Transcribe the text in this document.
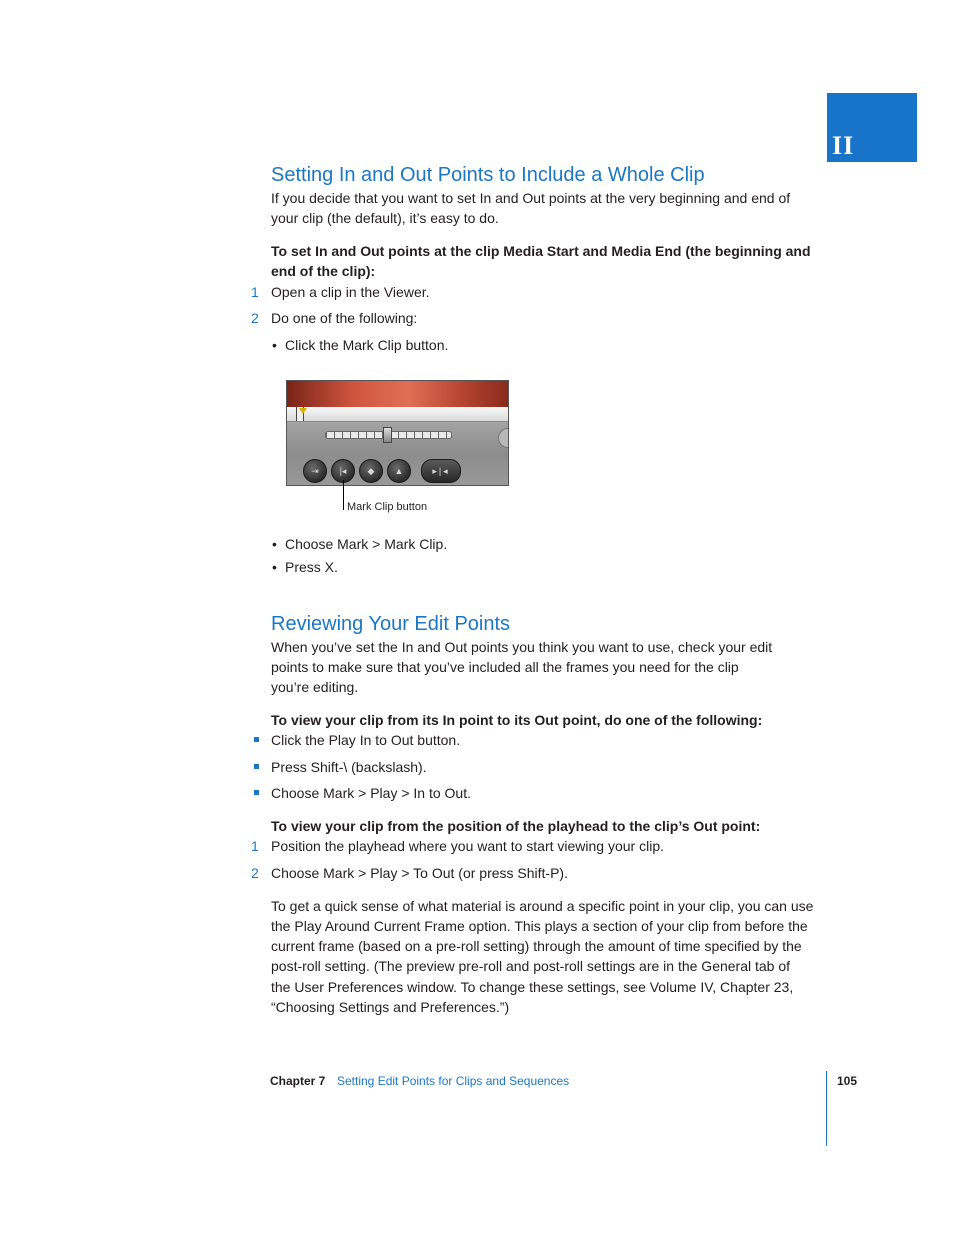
II
Setting In and Out Points to Include a Whole Clip

If you decide that you want to set In and Out points at the very beginning and end of

your clip (the default), it’s easy to do.

To set In and Out points at the clip Media Start and Media End (the beginning and

end of the clip):

1 Open a clip in the Viewer.

2 Do one of the following:

• Click the Mark Clip button.

⇥	|◂	◆	▲	▸|◂
Mark Clip button
• Choose Mark > Mark Clip.

• Press X.

Reviewing Your Edit Points

When you’ve set the In and Out points you think you want to use, check your edit

points to make sure that you’ve included all the frames you need for the clip

you’re editing.

To view your clip from its In point to its Out point, do one of the following:

Click the Play In to Out button.

Press Shift-\ (backslash).

Choose Mark > Play > In to Out.

To view your clip from the position of the playhead to the clip’s Out point:

1 Position the playhead where you want to start viewing your clip.

2 Choose Mark > Play > To Out (or press Shift-P).

To get a quick sense of what material is around a specific point in your clip, you can use

the Play Around Current Frame option. This plays a section of your clip from before the

current frame (based on a pre-roll setting) through the amount of time specified by the

post-roll setting. (The preview pre-roll and post-roll settings are in the General tab of

the User Preferences window. To change these settings, see Volume IV, Chapter 23,

“Choosing Settings and Preferences.”)

Chapter 7 Setting Edit Points for Clips and Sequences	105
